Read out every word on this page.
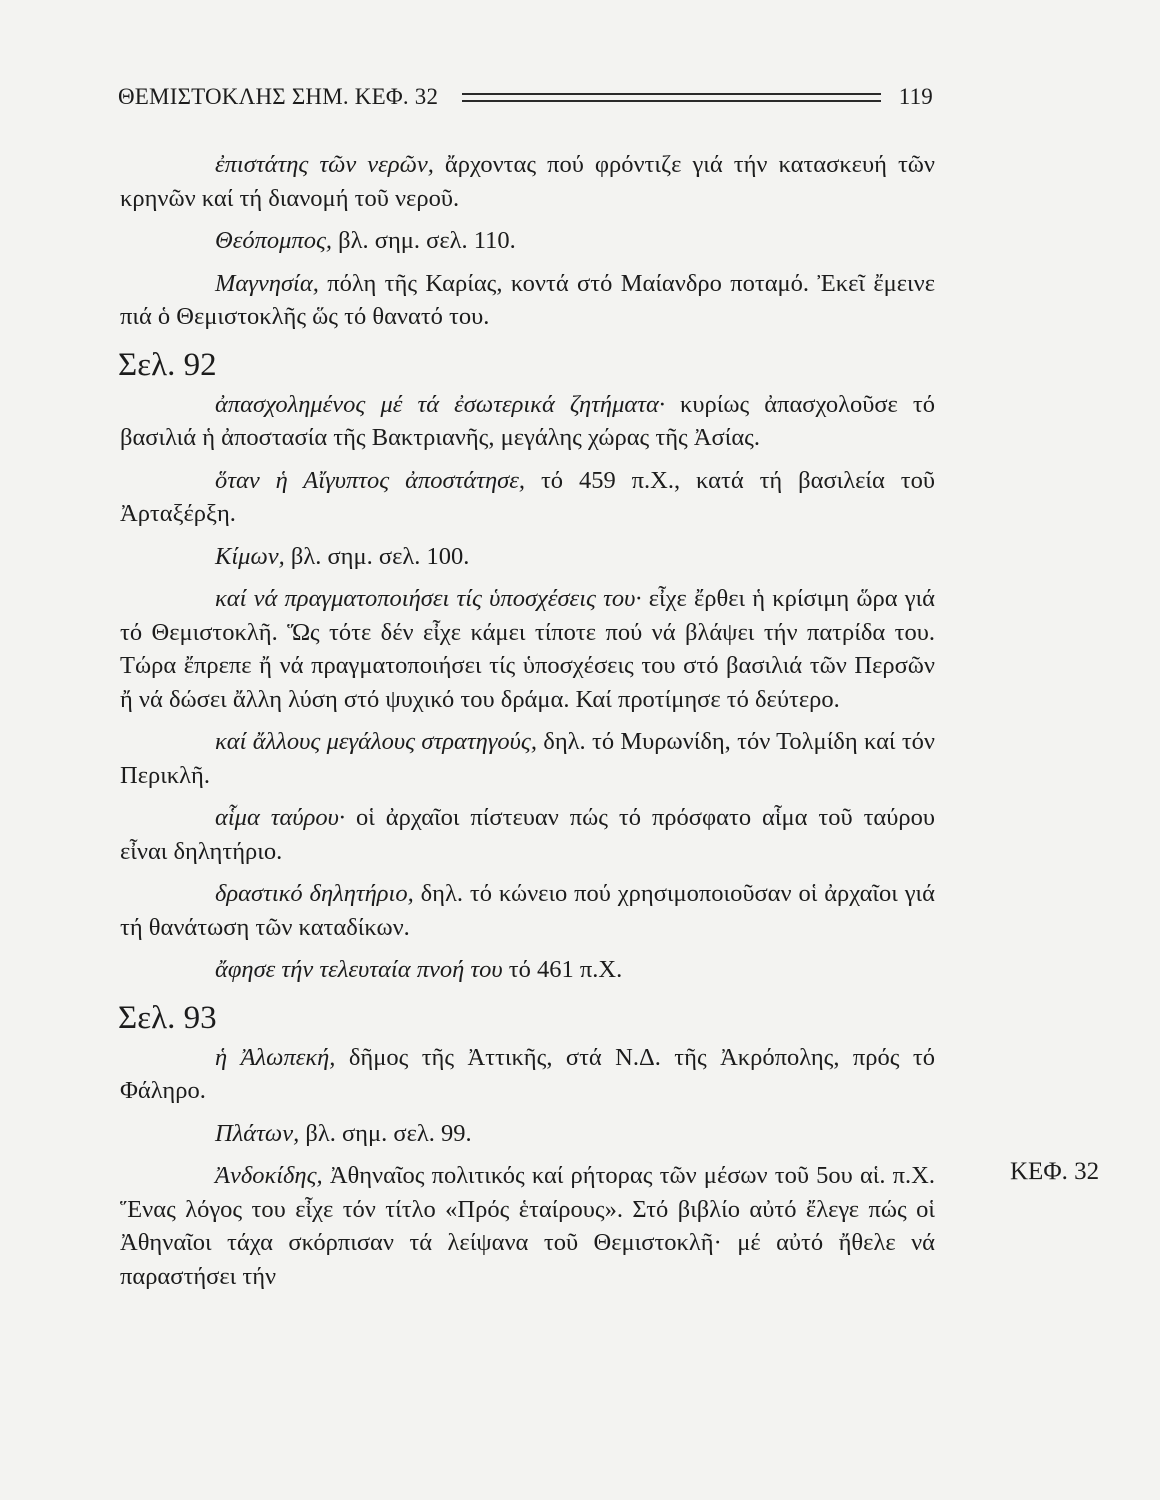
ΘΕΜΙΣΤΟΚΛΗΣ ΣΗΜ. ΚΕΦ. 32	119

ἐπιστάτης τῶν νερῶν, ἄρχοντας πού φρόντιζε γιά τήν κατασκευή τῶν κρηνῶν καί τή διανομή τοῦ νεροῦ.

Θεόπομπος, βλ. σημ. σελ. 110.

Μαγνησία, πόλη τῆς Καρίας, κοντά στό Μαίανδρο ποταμό. Ἐκεῖ ἔμεινε πιά ὁ Θεμιστοκλῆς ὥς τό θανατό του.

Σελ. 92

ἀπασχολημένος μέ τά ἐσωτερικά ζητήματα· κυρίως ἀπασχολοῦσε τό βασιλιά ἡ ἀποστασία τῆς Βακτριανῆς, μεγάλης χώρας τῆς Ἀσίας.

ὅταν ἡ Αἴγυπτος ἀποστάτησε, τό 459 π.Χ., κατά τή βασιλεία τοῦ Ἀρταξέρξη.

Κίμων, βλ. σημ. σελ. 100.

καί νά πραγματοποιήσει τίς ὑποσχέσεις του· εἶχε ἔρθει ἡ κρίσιμη ὥρα γιά τό Θεμιστοκλῆ. Ὥς τότε δέν εἶχε κάμει τίποτε πού νά βλάψει τήν πατρίδα του. Τώρα ἔπρεπε ἤ νά πραγματοποιήσει τίς ὑποσχέσεις του στό βασιλιά τῶν Περσῶν ἤ νά δώσει ἄλλη λύση στό ψυχικό του δράμα. Καί προτίμησε τό δεύτερο.

καί ἄλλους μεγάλους στρατηγούς, δηλ. τό Μυρωνίδη, τόν Τολμίδη καί τόν Περικλῆ.

αἷμα ταύρου· οἱ ἀρχαῖοι πίστευαν πώς τό πρόσφατο αἷμα τοῦ ταύρου εἶναι δηλητήριο.

δραστικό δηλητήριο, δηλ. τό κώνειο πού χρησιμοποιοῦσαν οἱ ἀρχαῖοι γιά τή θανάτωση τῶν καταδίκων.

ἄφησε τήν τελευταία πνοή του τό 461 π.Χ.

Σελ. 93

ἡ Ἀλωπεκή, δῆμος τῆς Ἀττικῆς, στά Ν.Δ. τῆς Ἀκρόπολης, πρός τό Φάληρο.

Πλάτων, βλ. σημ. σελ. 99.

Ἀνδοκίδης, Ἀθηναῖος πολιτικός καί ρήτορας τῶν μέσων τοῦ 5ου αἱ. π.Χ. Ἕνας λόγος του εἶχε τόν τίτλο «Πρός ἑταίρους». Στό βιβλίο αὐτό ἔλεγε πώς οἱ Ἀθηναῖοι τάχα σκόρπισαν τά λείψανα τοῦ Θεμιστοκλῆ· μέ αὐτό ἤθελε νά παραστήσει τήν

ΚΕΦ. 32
